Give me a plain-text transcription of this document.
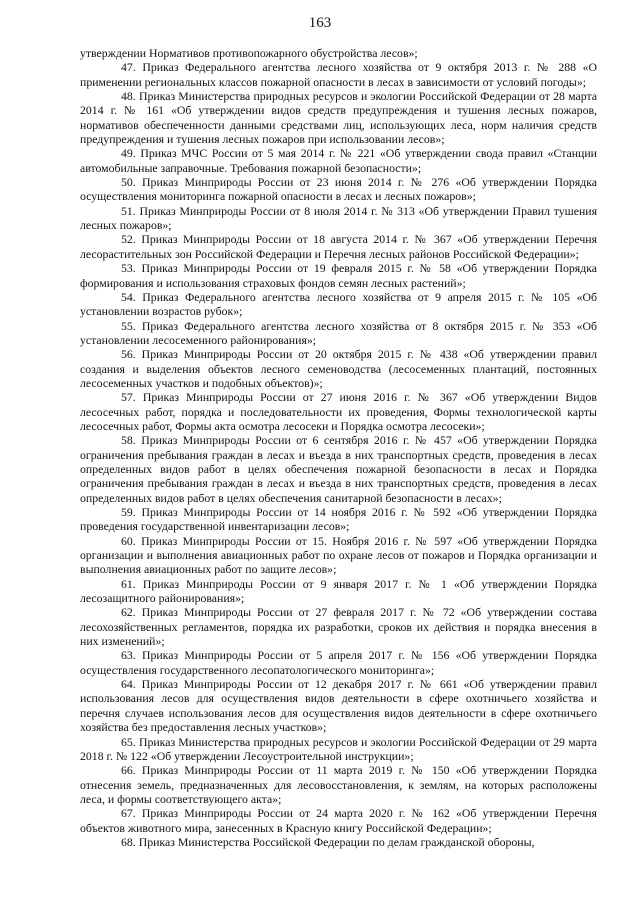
163

утверждении Нормативов противопожарного обустройства лесов»;

47. Приказ Федерального агентства лесного хозяйства от 9 октября 2013 г. № 288 «О применении региональных классов пожарной опасности в лесах в зависимости от условий погоды»;

48. Приказ Министерства природных ресурсов и экологии Российской Федерации от 28 марта 2014 г. № 161 «Об утверждении видов средств предупреждения и тушения лесных пожаров, нормативов обеспеченности данными средствами лиц, использующих леса, норм наличия средств предупреждения и тушения лесных пожаров при использовании лесов»;

49. Приказ МЧС России от 5 мая 2014 г. № 221 «Об утверждении свода правил «Станции автомобильные заправочные. Требования пожарной безопасности»;

50. Приказ Минприроды России от 23 июня 2014 г. № 276 «Об утверждении Порядка осуществления мониторинга пожарной опасности в лесах и лесных пожаров»;

51. Приказ Минприроды России от 8 июля 2014 г. № 313 «Об утверждении Правил тушения лесных пожаров»;

52. Приказ Минприроды России от 18 августа 2014 г. № 367 «Об утверждении Перечня лесорастительных зон Российской Федерации и Перечня лесных районов Российской Федерации»;

53. Приказ Минприроды России от 19 февраля 2015 г. № 58 «Об утверждении Порядка формирования и использования страховых фондов семян лесных растений»;

54. Приказ Федерального агентства лесного хозяйства от 9 апреля 2015 г. № 105 «Об установлении возрастов рубок»;

55. Приказ Федерального агентства лесного хозяйства от 8 октября 2015 г. № 353 «Об установлении лесосеменного районирования»;

56. Приказ Минприроды России от 20 октября 2015 г. № 438 «Об утверждении правил создания и выделения объектов лесного семеноводства (лесосеменных плантаций, постоянных лесосеменных участков и подобных объектов)»;

57. Приказ Минприроды России от 27 июня 2016 г. № 367 «Об утверждении Видов лесосечных работ, порядка и последовательности их проведения, Формы технологической карты лесосечных работ, Формы акта осмотра лесосеки и Порядка осмотра лесосеки»;

58. Приказ Минприроды России от 6 сентября 2016 г. № 457 «Об утверждении Порядка ограничения пребывания граждан в лесах и въезда в них транспортных средств, проведения в лесах определенных видов работ в целях обеспечения пожарной безопасности в лесах и Порядка ограничения пребывания граждан в лесах и въезда в них транспортных средств, проведения в лесах определенных видов работ в целях обеспечения санитарной безопасности в лесах»;

59. Приказ Минприроды России от 14 ноября 2016 г. № 592 «Об утверждении Порядка проведения государственной инвентаризации лесов»;

60. Приказ Минприроды России от 15. Ноября 2016 г. № 597 «Об утверждении Порядка организации и выполнения авиационных работ по охране лесов от пожаров и Порядка организации и выполнения авиационных работ по защите лесов»;

61. Приказ Минприроды России от 9 января 2017 г. № 1 «Об утверждении Порядка лесозащитного районирования»;

62. Приказ Минприроды России от 27 февраля 2017 г. № 72 «Об утверждении состава лесохозяйственных регламентов, порядка их разработки, сроков их действия и порядка внесения в них изменений»;

63. Приказ Минприроды России от 5 апреля 2017 г. № 156 «Об утверждении Порядка осуществления государственного лесопатологического мониторинга»;

64. Приказ Минприроды России от 12 декабря 2017 г. № 661 «Об утверждении правил использования лесов для осуществления видов деятельности в сфере охотничьего хозяйства и перечня случаев использования лесов для осуществления видов деятельности в сфере охотничьего хозяйства без предоставления лесных участков»;

65. Приказ Министерства природных ресурсов и экологии Российской Федерации от 29 марта 2018 г. № 122 «Об утверждении Лесоустроительной инструкции»;

66. Приказ Минприроды России от 11 марта 2019 г. № 150 «Об утверждении Порядка отнесения земель, предназначенных для лесовосстановления, к землям, на которых расположены леса, и формы соответствующего акта»;

67. Приказ Минприроды России от 24 марта 2020 г. № 162 «Об утверждении Перечня объектов животного мира, занесенных в Красную книгу Российской Федерации»;

68. Приказ Министерства Российской Федерации по делам гражданской обороны,
